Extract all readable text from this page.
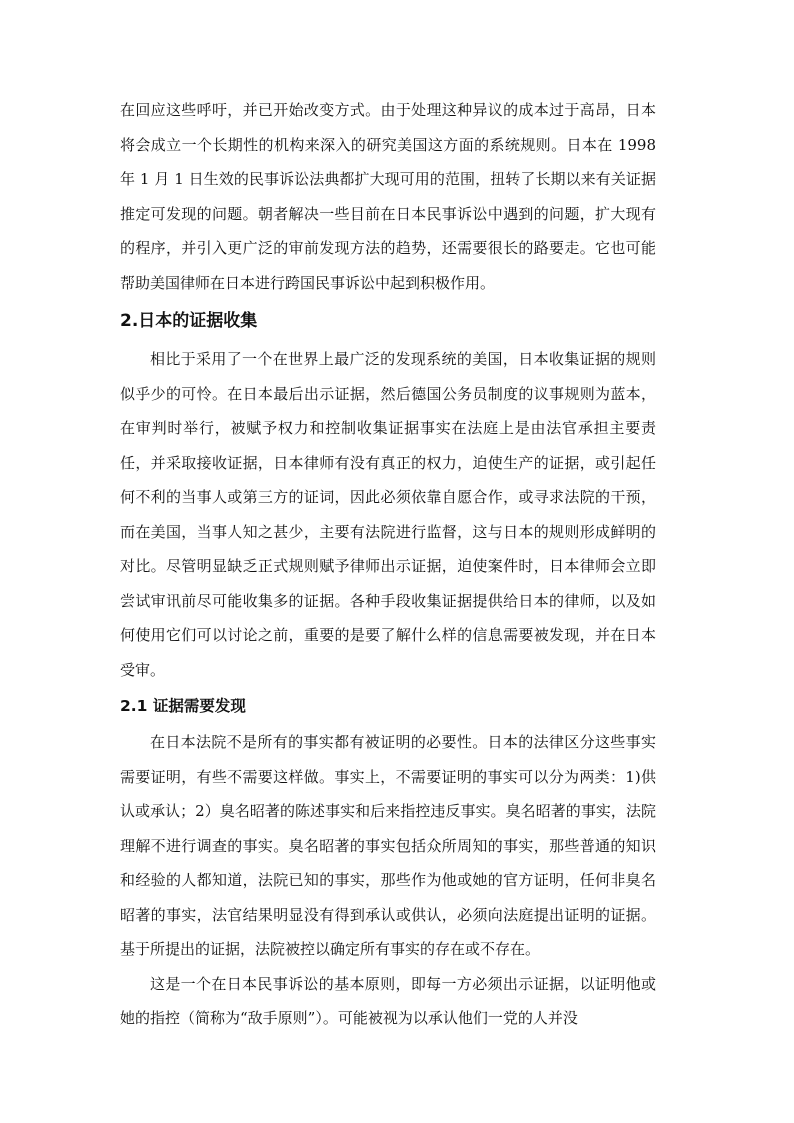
在回应这些呼吁，并已开始改变方式。由于处理这种异议的成本过于高昂，日本将会成立一个长期性的机构来深入的研究美国这方面的系统规则。日本在 1998 年 1 月 1 日生效的民事诉讼法典都扩大现可用的范围，扭转了长期以来有关证据推定可发现的问题。朝者解决一些目前在日本民事诉讼中遇到的问题，扩大现有的程序，并引入更广泛的审前发现方法的趋势，还需要很长的路要走。它也可能帮助美国律师在日本进行跨国民事诉讼中起到积极作用。

2.日本的证据收集

相比于采用了一个在世界上最广泛的发现系统的美国，日本收集证据的规则似乎少的可怜。在日本最后出示证据，然后德国公务员制度的议事规则为蓝本，在审判时举行，被赋予权力和控制收集证据事实在法庭上是由法官承担主要责任，并采取接收证据，日本律师有没有真正的权力，迫使生产的证据，或引起任何不利的当事人或第三方的证词，因此必须依靠自愿合作，或寻求法院的干预，而在美国，当事人知之甚少，主要有法院进行监督，这与日本的规则形成鲜明的对比。尽管明显缺乏正式规则赋予律师出示证据，迫使案件时，日本律师会立即尝试审讯前尽可能收集多的证据。各种手段收集证据提供给日本的律师，以及如何使用它们可以讨论之前，重要的是要了解什么样的信息需要被发现，并在日本受审。

2.1 证据需要发现

在日本法院不是所有的事实都有被证明的必要性。日本的法律区分这些事实需要证明，有些不需要这样做。事实上，不需要证明的事实可以分为两类：1)供认或承认；2）臭名昭著的陈述事实和后来指控违反事实。臭名昭著的事实，法院理解不进行调查的事实。臭名昭著的事实包括众所周知的事实，那些普通的知识和经验的人都知道，法院已知的事实，那些作为他或她的官方证明，任何非臭名昭著的事实，法官结果明显没有得到承认或供认，必须向法庭提出证明的证据。基于所提出的证据，法院被控以确定所有事实的存在或不存在。

这是一个在日本民事诉讼的基本原则，即每一方必须出示证据，以证明他或她的指控（简称为“敌手原则”）。可能被视为以承认他们一党的人并没
